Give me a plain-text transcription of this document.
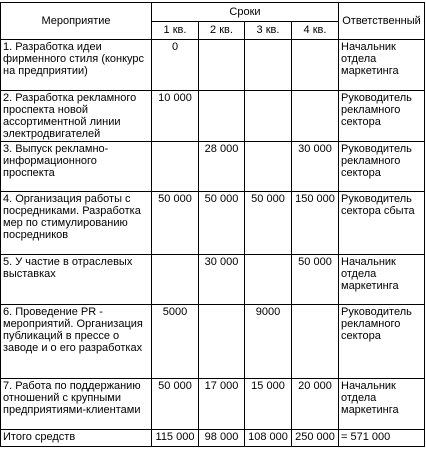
Мероприятие	Сроки				Ответственный
	1 кв.	2 кв.	3 кв.	4 кв.	
1. Разработка идеи фирменного стиля (конкурс на предприятии)	0				Начальник отдела маркетинга
2. Разработка рекламного проспекта новой ассортиментной линии электродвигателей	10 000				Руководитель рекламного сектора
3. Выпуск рекламно-информационного проспекта		28 000		30 000	Руководитель рекламного сектора
4. Организация работы с посредниками. Разработка мер по стимулированию посредников	50 000	50 000	50 000	150 000	Руководитель сектора сбыта
5. У частие в отраслевых выставках		30 000		50 000	Начальник отдела маркетинга
6. Проведение PR - мероприятий. Организация публикаций в прессе о заводе и о его разработках	5000		9000		Руководитель рекламного сектора
7. Работа по поддержанию отношений с крупными предприятиями-клиентами	50 000	17 000	15 000	20 000	Начальник отдела маркетинга
Итого средств	115 000	98 000	108 000	250 000	= 571 000
